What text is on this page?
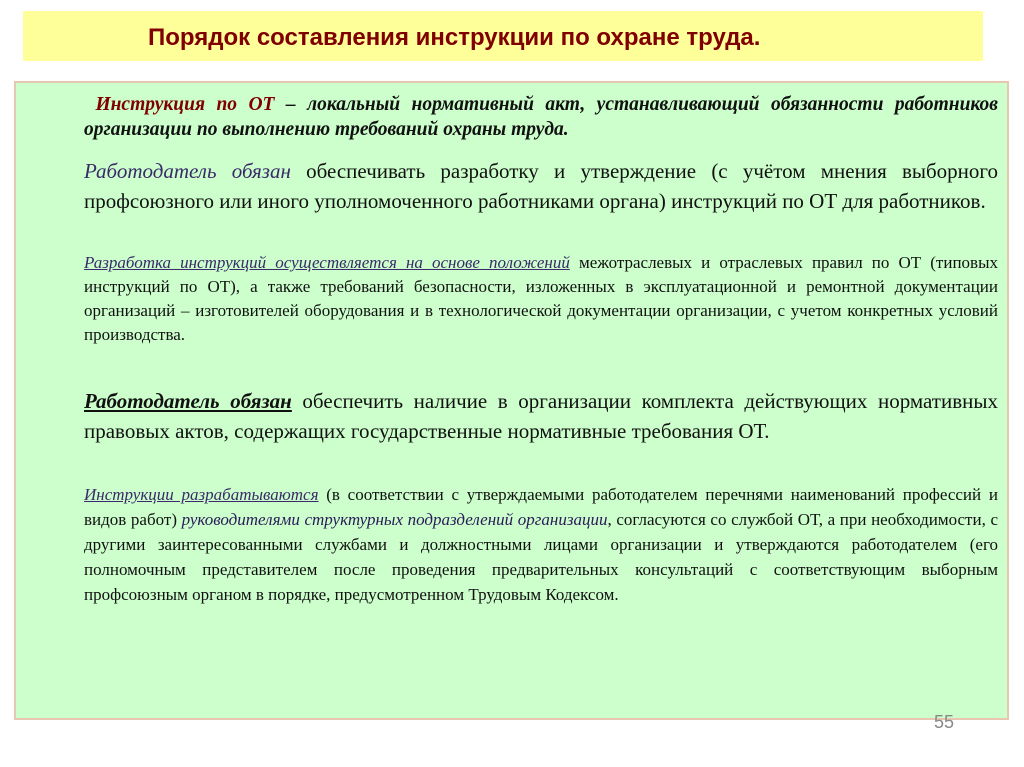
Порядок составления инструкции по охране труда.

Инструкция по ОТ – локальный нормативный акт, устанавливающий обязанности работников организации по выполнению требований охраны труда.

Работодатель обязан обеспечивать разработку и утверждение (с учётом мнения выборного профсоюзного или иного уполномоченного работниками органа) инструкций по ОТ для работников.

Разработка инструкций осуществляется на основе положений межотраслевых и отраслевых правил по ОТ (типовых инструкций по ОТ), а также требований безопасности, изложенных в эксплуатационной и ремонтной документации организаций – изготовителей оборудования и в технологической документации организации, с учетом конкретных условий производства.

Работодатель обязан обеспечить наличие в организации комплекта действующих нормативных правовых актов, содержащих государственные нормативные требования ОТ.

Инструкции разрабатываются (в соответствии с утверждаемыми работодателем перечнями наименований профессий и видов работ) руководителями структурных подразделений организации, согласуются со службой ОТ, а при необходимости, с другими заинтересованными службами и должностными лицами организации и утверждаются работодателем (его полномочным представителем после проведения предварительных консультаций с соответствующим выборным профсоюзным органом в порядке, предусмотренном Трудовым Кодексом.

55
